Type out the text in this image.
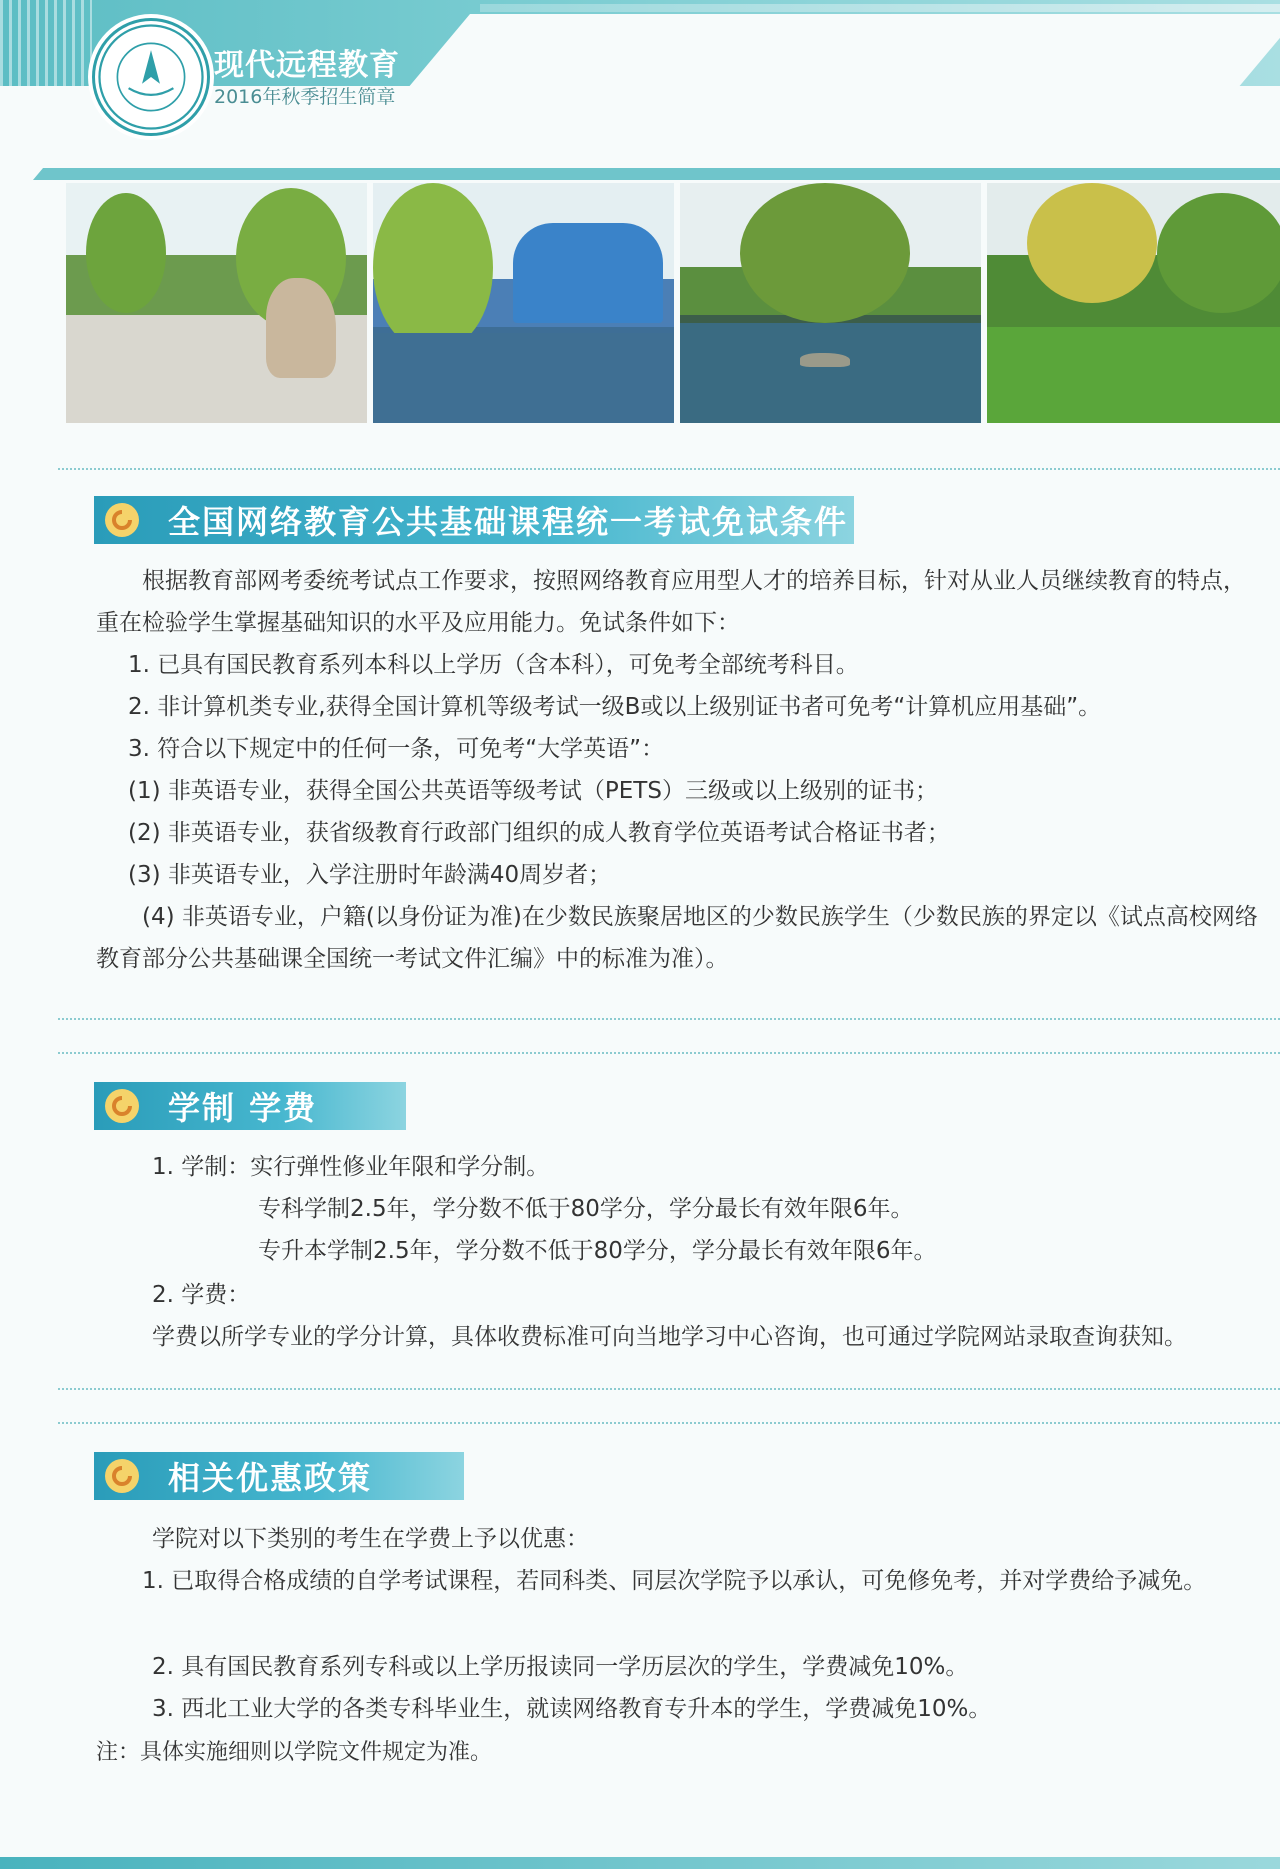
现代远程教育
2016年秋季招生简章
全国网络教育公共基础课程统一考试免试条件

根据教育部网考委统考试点工作要求，按照网络教育应用型人才的培养目标，针对从业人员继续教育的特点，重在检验学生掌握基础知识的水平及应用能力。免试条件如下：

1. 已具有国民教育系列本科以上学历（含本科），可免考全部统考科目。

2. 非计算机类专业,获得全国计算机等级考试一级B或以上级别证书者可免考“计算机应用基础”。

3. 符合以下规定中的任何一条，可免考“大学英语”：

(1) 非英语专业，获得全国公共英语等级考试（PETS）三级或以上级别的证书；

(2) 非英语专业，获省级教育行政部门组织的成人教育学位英语考试合格证书者；

(3) 非英语专业，入学注册时年龄满40周岁者；

(4) 非英语专业，户籍(以身份证为准)在少数民族聚居地区的少数民族学生（少数民族的界定以《试点高校网络教育部分公共基础课全国统一考试文件汇编》中的标准为准）。

学制 学费

1. 学制：实行弹性修业年限和学分制。

专科学制2.5年，学分数不低于80学分，学分最长有效年限6年。

专升本学制2.5年，学分数不低于80学分，学分最长有效年限6年。

2. 学费：

学费以所学专业的学分计算，具体收费标准可向当地学习中心咨询，也可通过学院网站录取查询获知。

相关优惠政策

学院对以下类别的考生在学费上予以优惠：

1. 已取得合格成绩的自学考试课程，若同科类、同层次学院予以承认，可免修免考，并对学费给予减免。

2. 具有国民教育系列专科或以上学历报读同一学历层次的学生，学费减免10%。

3. 西北工业大学的各类专科毕业生，就读网络教育专升本的学生，学费减免10%。

注：具体实施细则以学院文件规定为准。
